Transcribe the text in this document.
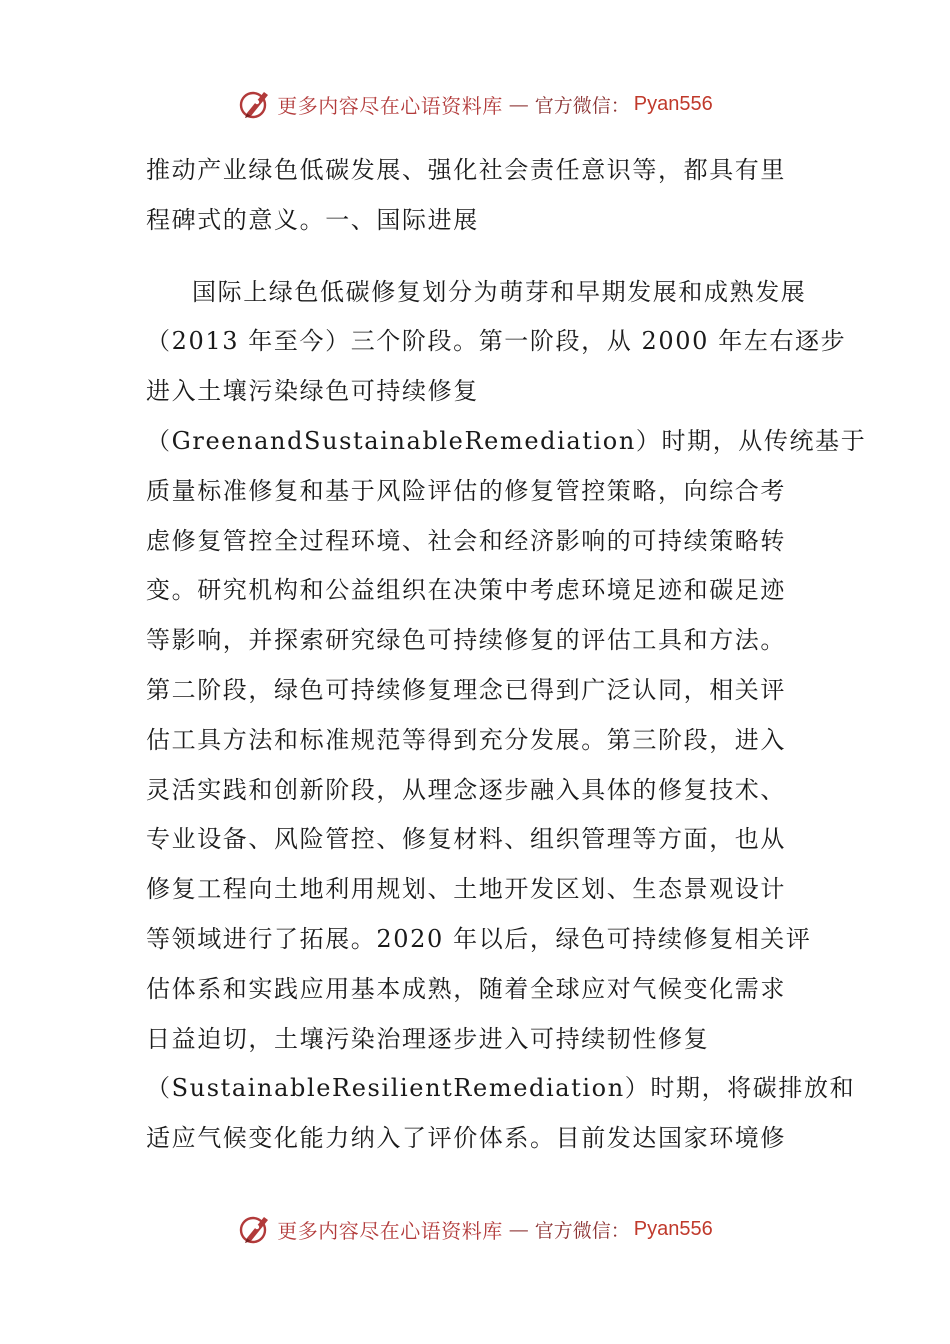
更多内容尽在心语资料库 — 官方微信： Pyan556
推动产业绿色低碳发展、强化社会责任意识等，都具有里
程碑式的意义。一、国际进展
国际上绿色低碳修复划分为萌芽和早期发展和成熟发展
（2013 年至今）三个阶段。第一阶段，从 2000 年左右逐步
进入土壤污染绿色可持续修复
（GreenandSustainableRemediation）时期，从传统基于
质量标准修复和基于风险评估的修复管控策略，向综合考
虑修复管控全过程环境、社会和经济影响的可持续策略转
变。研究机构和公益组织在决策中考虑环境足迹和碳足迹
等影响，并探索研究绿色可持续修复的评估工具和方法。
第二阶段，绿色可持续修复理念已得到广泛认同，相关评
估工具方法和标准规范等得到充分发展。第三阶段，进入
灵活实践和创新阶段，从理念逐步融入具体的修复技术、
专业设备、风险管控、修复材料、组织管理等方面，也从
修复工程向土地利用规划、土地开发区划、生态景观设计
等领域进行了拓展。2020 年以后，绿色可持续修复相关评
估体系和实践应用基本成熟，随着全球应对气候变化需求
日益迫切，土壤污染治理逐步进入可持续韧性修复
（SustainableResilientRemediation）时期，将碳排放和
适应气候变化能力纳入了评价体系。目前发达国家环境修
更多内容尽在心语资料库 — 官方微信： Pyan556
